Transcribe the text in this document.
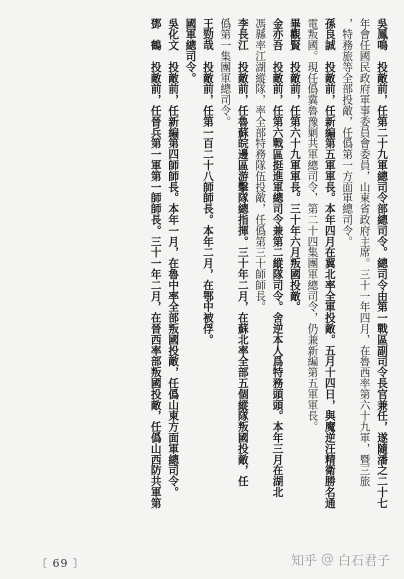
吳鳳鳴　投敵前，任第二十九軍總司令部總司令。總司令由第一戰區副司令長官兼任，遂隨潘之二十七
年會任國民政府軍事委員會委員，山東省政府主席。三十一年四月，在魯西率第六十九軍，暨三旅
，特務旅等全部投敵，任僞第一方面軍總司令。
孫良誠　投敵前，任新編第五軍軍長。本年四月在冀北率全軍投敵。五月十四日，與魔逆汪精衛勝名通
電叛國。現任僞冀魯豫剿共軍總司令，第二十四集團軍總司令，仍兼新編第五軍軍長。
畢觀賢　投敵前，任第六十九軍軍長。三十年六月叛國投敵。
金亦吾　投敵前，任第六戰區挺進軍總司令兼第二縱隊司令。舍逆本人爲特務頭頭。本年三月在湖北
馮縣率江湖縱隊，率全部特務隊伍投敵，任僞第三十師師長。
李長江　投敵前，任魯蘇皖邊區游擊隊總指揮。三十年二月，在蘇北率全部五個縱隊叛國投敵，任
僞第一集團軍總司令。
王勁哉　投敵前，任第一百二十八師師長。本年二月，在鄂中被俘。
國軍總司令。
吳化文　投敵前，任新編第四師師長。本年一月，在魯中率全部叛國投敵，任僞山東方面軍總司令。
鄧　鶴　投敵前，任晉兵第一軍第一師師長。三十一年二月，在晉西率部叛國投敵，任僞山西防共軍第
〔 69 〕	知乎 @ 白石君子
